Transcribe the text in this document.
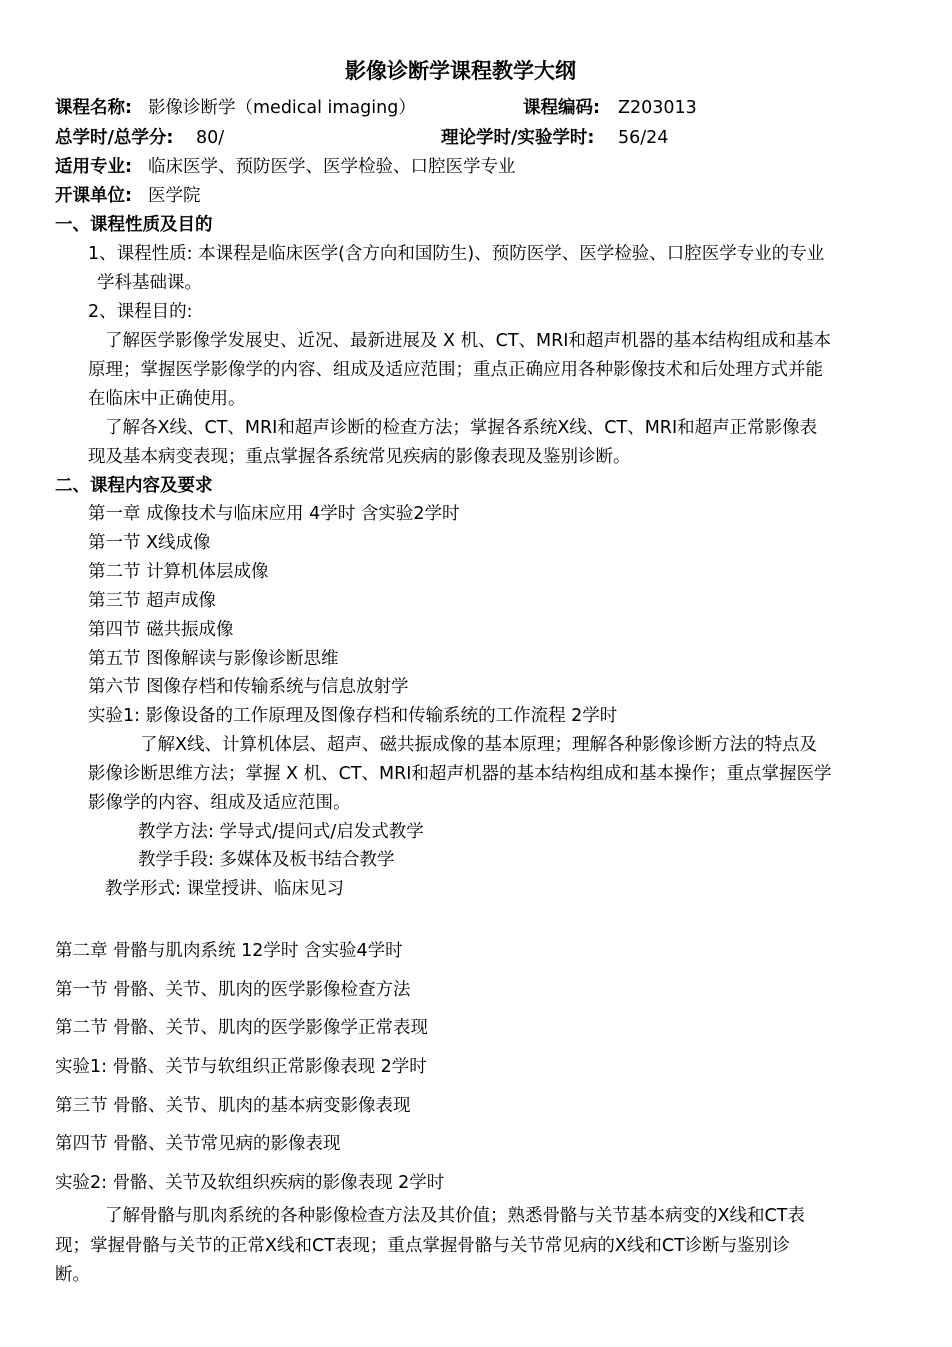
影像诊断学课程教学大纲
课程名称: 影像诊断学（medical imaging）	课程编码: Z203013
总学时/总学分: 80/	理论学时/实验学时: 56/24
适用专业: 临床医学、预防医学、医学检验、口腔医学专业
开课单位: 医学院
一、课程性质及目的
1、课程性质: 本课程是临床医学(含方向和国防生)、预防医学、医学检验、口腔医学专业的专业
学科基础课。
2、课程目的:
了解医学影像学发展史、近况、最新进展及 X 机、CT、MRI和超声机器的基本结构组成和基本
原理；掌握医学影像学的内容、组成及适应范围；重点正确应用各种影像技术和后处理方式并能
在临床中正确使用。
了解各X线、CT、MRI和超声诊断的检查方法；掌握各系统X线、CT、MRI和超声正常影像表
现及基本病变表现；重点掌握各系统常见疾病的影像表现及鉴别诊断。
二、课程内容及要求
第一章 成像技术与临床应用 4学时 含实验2学时
第一节 X线成像
第二节 计算机体层成像
第三节 超声成像
第四节 磁共振成像
第五节 图像解读与影像诊断思维
第六节 图像存档和传输系统与信息放射学
实验1: 影像设备的工作原理及图像存档和传输系统的工作流程 2学时
了解X线、计算机体层、超声、磁共振成像的基本原理；理解各种影像诊断方法的特点及
影像诊断思维方法；掌握 X 机、CT、MRI和超声机器的基本结构组成和基本操作；重点掌握医学
影像学的内容、组成及适应范围。
教学方法: 学导式/提问式/启发式教学
教学手段: 多媒体及板书结合教学
教学形式: 课堂授讲、临床见习
第二章 骨骼与肌肉系统 12学时 含实验4学时
第一节 骨骼、关节、肌肉的医学影像检查方法
第二节 骨骼、关节、肌肉的医学影像学正常表现
实验1: 骨骼、关节与软组织正常影像表现 2学时
第三节 骨骼、关节、肌肉的基本病变影像表现
第四节 骨骼、关节常见病的影像表现
实验2: 骨骼、关节及软组织疾病的影像表现 2学时
了解骨骼与肌肉系统的各种影像检查方法及其价值；熟悉骨骼与关节基本病变的X线和CT表
现；掌握骨骼与关节的正常X线和CT表现；重点掌握骨骼与关节常见病的X线和CT诊断与鉴别诊
断。
